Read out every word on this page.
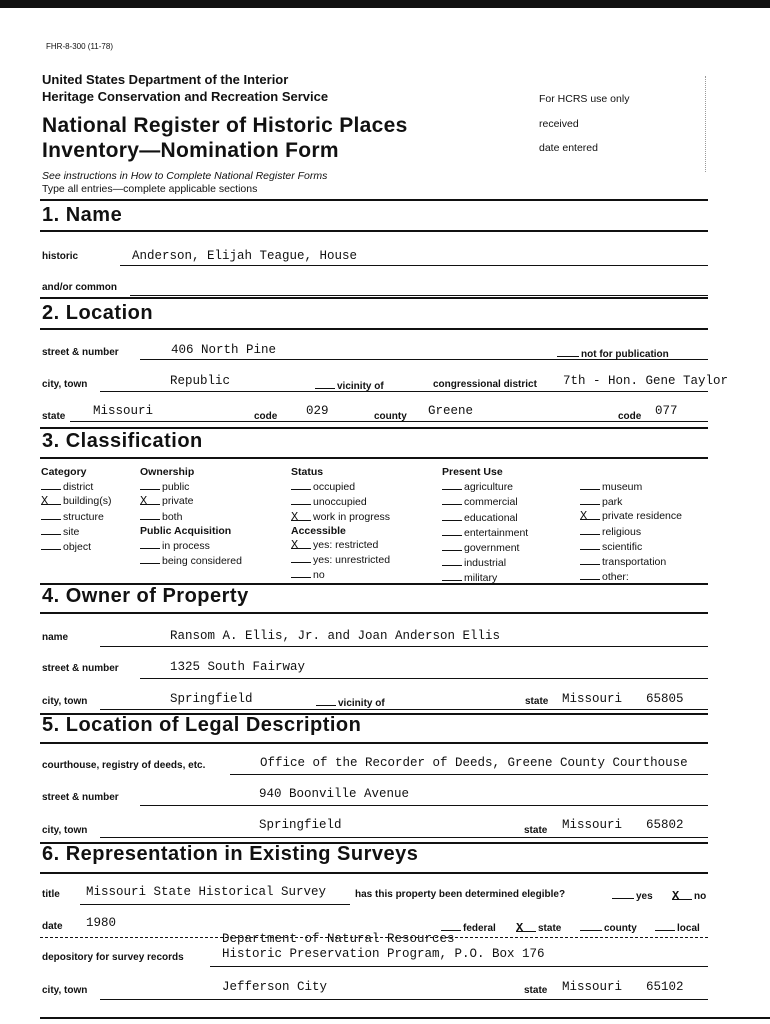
FHR-8-300 (11-78)
United States Department of the Interior
Heritage Conservation and Recreation Service
National Register of Historic Places
Inventory—Nomination Form
See instructions in How to Complete National Register Forms
Type all entries—complete applicable sections
For HCRS use only
received
date entered
1. Name
historic	Anderson, Elijah Teague, House
and/or common
2. Location
street & number	406 North Pine	not for publication
city, town	Republic	vicinity of	congressional district 7th - Hon. Gene Taylor
state Missouri	code 029	county Greene	code 077
3. Classification
Category
district
X building(s)
structure
site
object
Ownership
public
X private
both
Public Acquisition
in process
being considered
Status
occupied
unoccupied
X work in progress
Accessible
X yes: restricted
yes: unrestricted
no
Present Use
agriculture
commercial
educational
entertainment
government
industrial
military
museum
park
X private residence
religious
scientific
transportation
other:
4. Owner of Property
name	Ransom A. Ellis, Jr. and Joan Anderson Ellis
street & number	1325 South Fairway
city, town	Springfield	vicinity of	state Missouri 65805
5. Location of Legal Description
courthouse, registry of deeds, etc.	Office of the Recorder of Deeds, Greene County Courthouse
street & number	940 Boonville Avenue
city, town	Springfield	state Missouri 65802
6. Representation in Existing Surveys
title Missouri State Historical Survey	has this property been determined elegible?	yes X no
date 1980	federal X state	county	local
Department of Natural Resources
depository for survey records	Historic Preservation Program, P.O. Box 176
city, town	Jefferson City	state Missouri 65102
